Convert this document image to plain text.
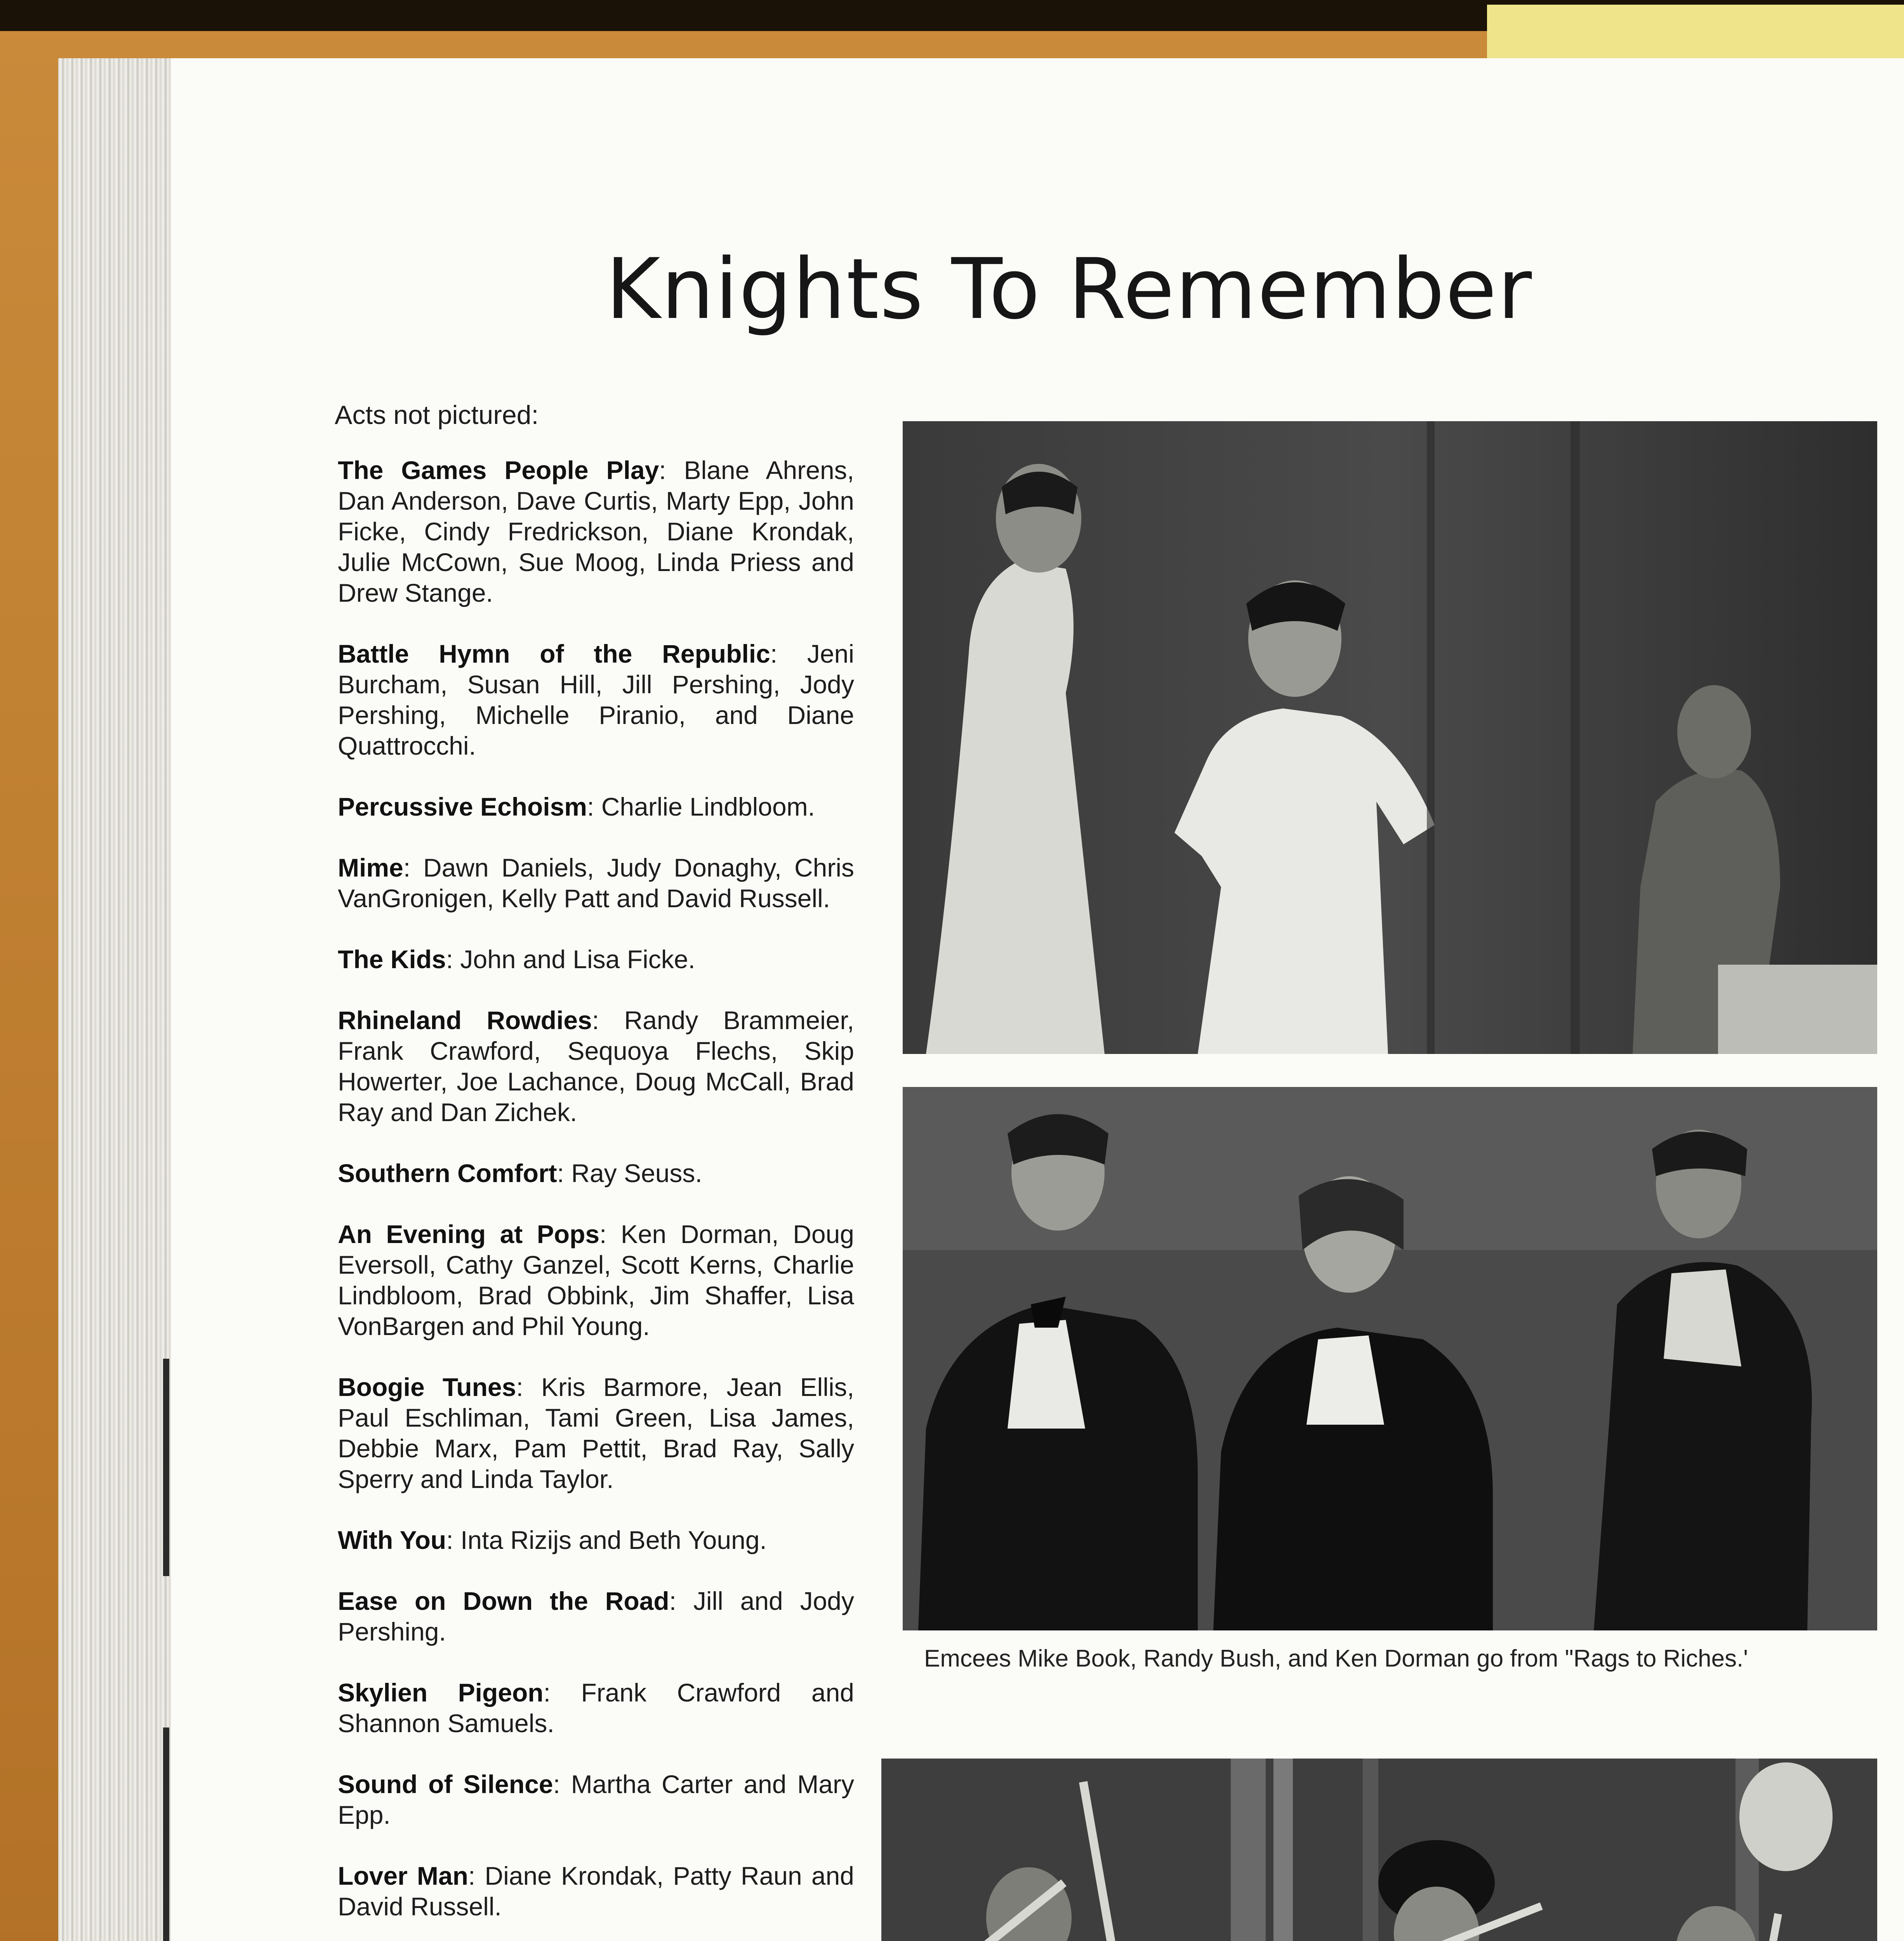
Knights To Remember
Acts not pictured:

The Games People Play: Blane Ahrens, Dan Anderson, Dave Curtis, Marty Epp, John Ficke, Cindy Fredrickson, Diane Krondak, Julie McCown, Sue Moog, Linda Priess and Drew Stange.

Battle Hymn of the Republic: Jeni Burcham, Susan Hill, Jill Pershing, Jody Pershing, Michelle Piranio, and Diane Quattrocchi.

Percussive Echoism: Charlie Lindbloom.

Mime: Dawn Daniels, Judy Donaghy, Chris VanGronigen, Kelly Patt and David Russell.

The Kids: John and Lisa Ficke.

Rhineland Rowdies: Randy Brammeier, Frank Crawford, Sequoya Flechs, Skip Howerter, Joe Lachance, Doug McCall, Brad Ray and Dan Zichek.

Southern Comfort: Ray Seuss.

An Evening at Pops: Ken Dorman, Doug Eversoll, Cathy Ganzel, Scott Kerns, Charlie Lindbloom, Brad Obbink, Jim Shaffer, Lisa VonBargen and Phil Young.

Boogie Tunes: Kris Barmore, Jean Ellis, Paul Eschliman, Tami Green, Lisa James, Debbie Marx, Pam Pettit, Brad Ray, Sally Sperry and Linda Taylor.

With You: Inta Rizijs and Beth Young.

Ease on Down the Road: Jill and Jody Pershing.

Skylien Pigeon: Frank Crawford and Shannon Samuels.

Sound of Silence: Martha Carter and Mary Epp.

Lover Man: Diane Krondak, Patty Raun and David Russell.

Emcees Mike Book, Randy Bush, and Ken Dorman go from "Rags to Riches.'
